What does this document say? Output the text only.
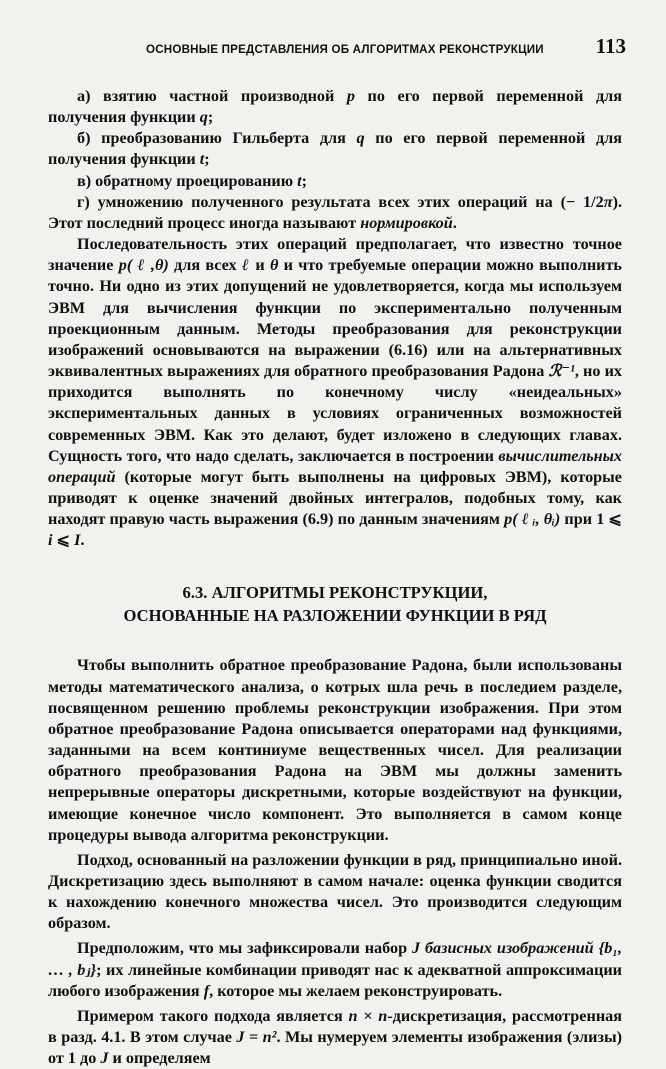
ОСНОВНЫЕ ПРЕДСТАВЛЕНИЯ ОБ АЛГОРИТМАХ РЕКОНСТРУКЦИИ 113

а) взятию частной производной p по его первой переменной для получения функции q;

б) преобразованию Гильберта для q по его первой переменной для получения функции t;

в) обратному проецированию t;

г) умножению полученного результата всех этих операций на (− 1/2π). Этот последний процесс иногда называют нормировкой.

Последовательность этих операций предполагает, что известно точное значение p( ℓ ,θ) для всех ℓ и θ и что требуемые операции можно выполнить точно. Ни одно из этих допущений не удовлетворяется, когда мы используем ЭВМ для вычисления функции по экспериментально полученным проекционным данным. Методы преобразования для реконструкции изображений основываются на выражении (6.16) или на альтернативных эквивалентных выражениях для обратного преобразования Радона ℛ⁻¹, но их приходится выполнять по конечному числу «неидеальных» экспериментальных данных в условиях ограниченных возможностей современных ЭВМ. Как это делают, будет изложено в следующих главах. Сущность того, что надо сделать, заключается в построении вычислительных операций (которые могут быть выполнены на цифровых ЭВМ), которые приводят к оценке значений двойных интегралов, подобных тому, как находят правую часть выражения (6.9) по данным значениям p( ℓ ᵢ, θᵢ) при 1 ⩽ i ⩽ I.

6.3. АЛГОРИТМЫ РЕКОНСТРУКЦИИ,

ОСНОВАННЫЕ НА РАЗЛОЖЕНИИ ФУНКЦИИ В РЯД

Чтобы выполнить обратное преобразование Радона, были использованы методы математического анализа, о котрых шла речь в последием разделе, посвященном решению проблемы реконструкции изображения. При этом обратное преобразование Радона описывается операторами над функциями, заданными на всем континиуме вещественных чисел. Для реализации обратного преобразования Радона на ЭВМ мы должны заменить непрерывные операторы дискретными, которые воздействуют на функции, имеющие конечное число компонент. Это выполняется в самом конце процедуры вывода алгоритма реконструкции.

Подход, основанный на разложении функции в ряд, принципиально иной. Дискретизацию здесь выполняют в самом начале: оценка функции сводится к нахождению конечного множества чисел. Это производится следующим образом.

Предположим, что мы зафиксировали набор J базисных изображений {b₁, … , bⱼ}; их линейные комбинации приводят нас к адекватной аппроксимации любого изображения f, которое мы желаем реконструировать.

Примером такого подхода является n × n-дискретизация, рассмотренная в разд. 4.1. В этом случае J = n². Мы нумеруем элементы изображения (элизы) от 1 до J и определяем
